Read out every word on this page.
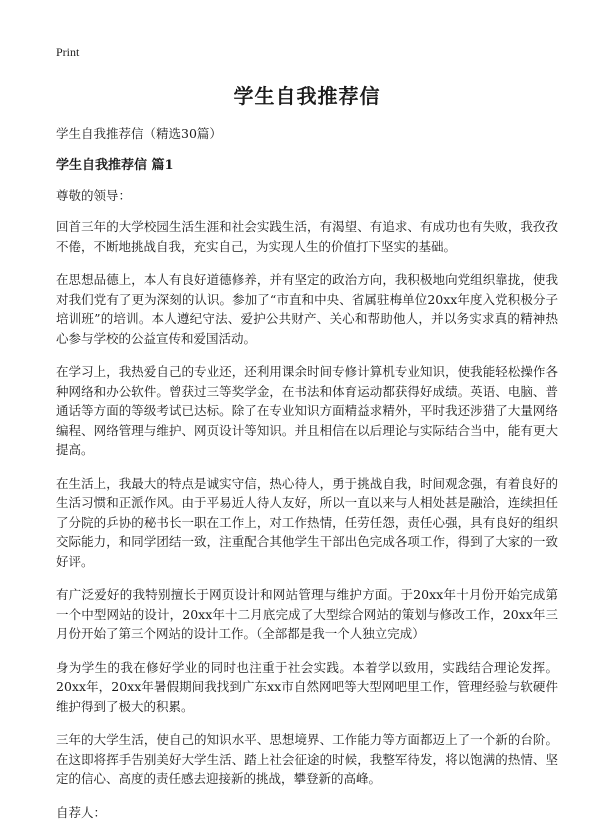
Print
学生自我推荐信

学生自我推荐信（精选30篇）

学生自我推荐信 篇1

尊敬的领导：

回首三年的大学校园生活生涯和社会实践生活，有渴望、有追求、有成功也有失败，我孜孜不倦，不断地挑战自我，充实自己，为实现人生的价值打下坚实的基础。

在思想品德上，本人有良好道德修养，并有坚定的政治方向，我积极地向党组织靠拢，使我对我们党有了更为深刻的认识。参加了“市直和中央、省属驻梅单位20xx年度入党积极分子培训班”的培训。本人遵纪守法、爱护公共财产、关心和帮助他人，并以务实求真的精神热心参与学校的公益宣传和爱国活动。

在学习上，我热爱自己的专业还，还利用课余时间专修计算机专业知识，使我能轻松操作各种网络和办公软件。曾获过三等奖学金，在书法和体育运动都获得好成绩。英语、电脑、普通话等方面的等级考试已达标。除了在专业知识方面精益求精外，平时我还涉猎了大量网络编程、网络管理与维护、网页设计等知识。并且相信在以后理论与实际结合当中，能有更大提高。

在生活上，我最大的特点是诚实守信，热心待人，勇于挑战自我，时间观念强，有着良好的生活习惯和正派作风。由于平易近人待人友好，所以一直以来与人相处甚是融洽，连续担任了分院的乒协的秘书长一职在工作上，对工作热情，任劳任怨，责任心强，具有良好的组织交际能力，和同学团结一致，注重配合其他学生干部出色完成各项工作，得到了大家的一致好评。

有广泛爱好的我特别擅长于网页设计和网站管理与维护方面。于20xx年十月份开始完成第一个中型网站的设计，20xx年十二月底完成了大型综合网站的策划与修改工作，20xx年三月份开始了第三个网站的设计工作。（全部都是我一个人独立完成）

身为学生的我在修好学业的同时也注重于社会实践。本着学以致用，实践结合理论发挥。20xx年，20xx年暑假期间我找到广东xx市自然网吧等大型网吧里工作，管理经验与软硬件维护得到了极大的积累。

三年的大学生活，使自己的知识水平、思想境界、工作能力等方面都迈上了一个新的台阶。在这即将挥手告别美好大学生活、踏上社会征途的时候，我整军待发，将以饱满的热情、坚定的信心、高度的责任感去迎接新的挑战，攀登新的高峰。

自荐人：
